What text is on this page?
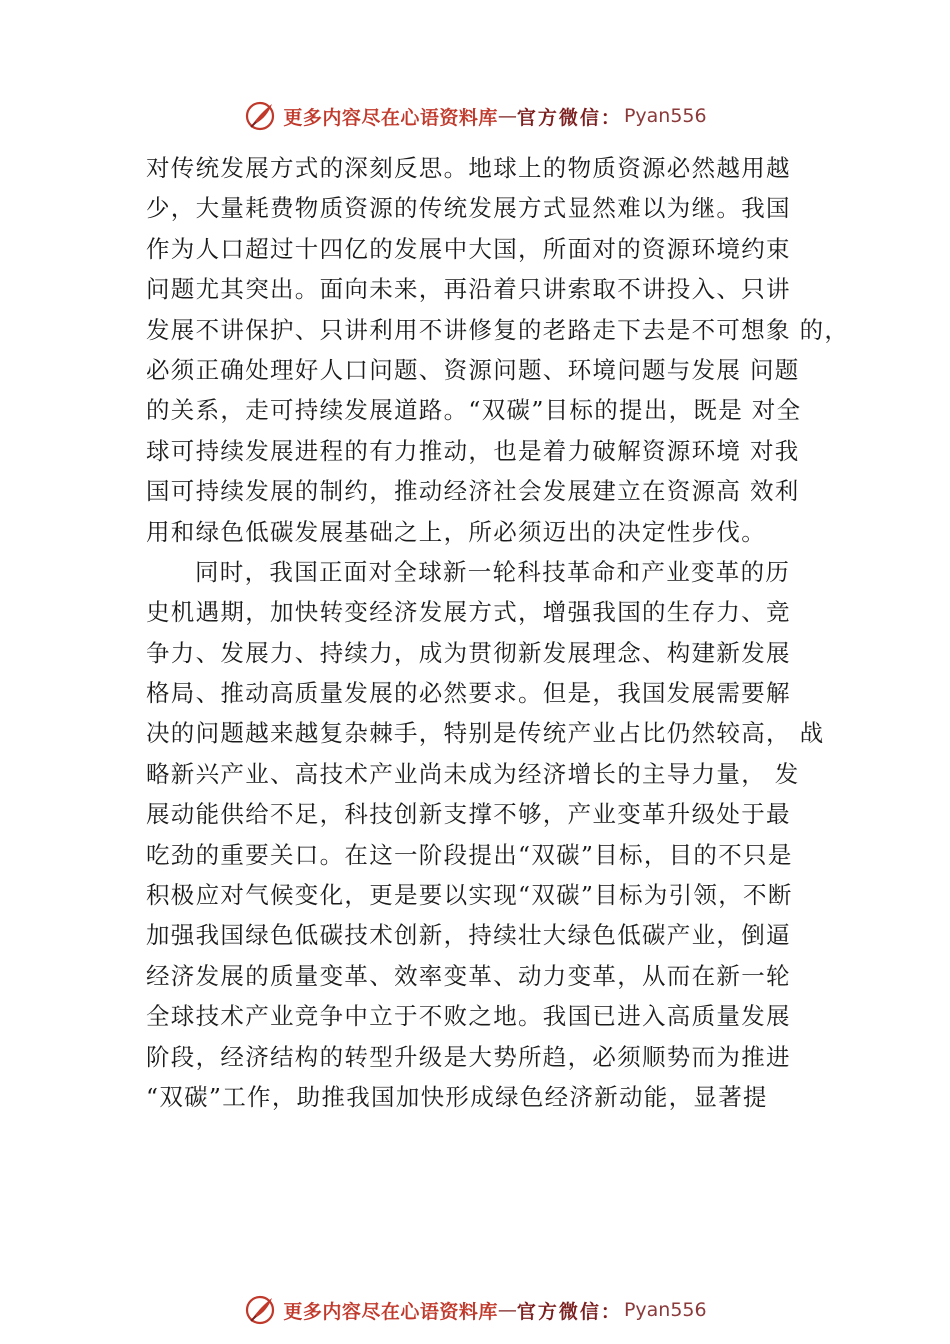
更多内容尽在心语资料库 — 官方微信： Pyan556
对传统发展方式的深刻反思。地球上的物质资源必然越用越
少，大量耗费物质资源的传统发展方式显然难以为继。我国
作为人口超过十四亿的发展中大国，所面对的资源环境约束
问题尤其突出。面向未来，再沿着只讲索取不讲投入、只讲
发展不讲保护、只讲利用不讲修复的老路走下去是不可想象 的，
必须正确处理好人口问题、资源问题、环境问题与发展 问题
的关系，走可持续发展道路。“双碳”目标的提出，既是 对全
球可持续发展进程的有力推动，也是着力破解资源环境 对我
国可持续发展的制约，推动经济社会发展建立在资源高 效利
用和绿色低碳发展基础之上，所必须迈出的决定性步伐。
同时，我国正面对全球新一轮科技革命和产业变革的历
史机遇期，加快转变经济发展方式，增强我国的生存力、竞
争力、发展力、持续力，成为贯彻新发展理念、构建新发展
格局、推动高质量发展的必然要求。但是，我国发展需要解
决的问题越来越复杂棘手，特别是传统产业占比仍然较高， 战
略新兴产业、高技术产业尚未成为经济增长的主导力量， 发
展动能供给不足，科技创新支撑不够，产业变革升级处于最
吃劲的重要关口。在这一阶段提出“双碳”目标，目的不只是
积极应对气候变化，更是要以实现“双碳”目标为引领，不断
加强我国绿色低碳技术创新，持续壮大绿色低碳产业，倒逼
经济发展的质量变革、效率变革、动力变革，从而在新一轮
全球技术产业竞争中立于不败之地。我国已进入高质量发展
阶段，经济结构的转型升级是大势所趋，必须顺势而为推进
“双碳”工作，助推我国加快形成绿色经济新动能，显著提
更多内容尽在心语资料库 — 官方微信： Pyan556
